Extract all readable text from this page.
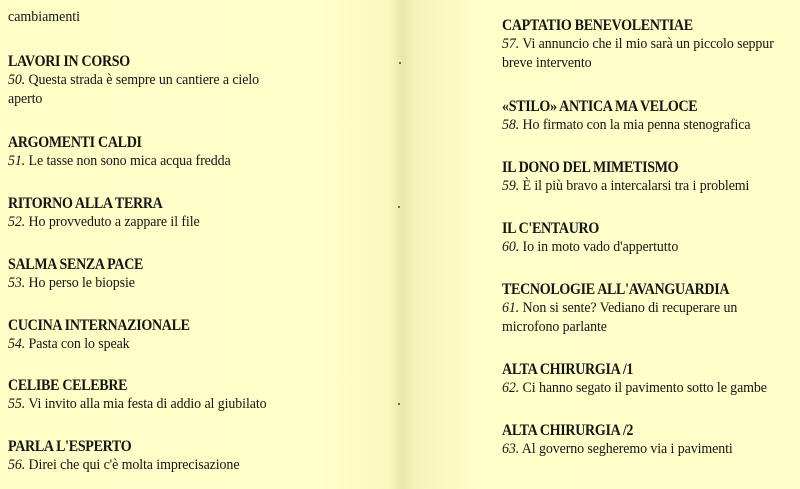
cambiamenti
LAVORI IN CORSO
50. Questa strada è sempre un cantiere a cielo
aperto
ARGOMENTI CALDI
51. Le tasse non sono mica acqua fredda
RITORNO ALLA TERRA
52. Ho provveduto a zappare il file
SALMA SENZA PACE
53. Ho perso le biopsie
CUCINA INTERNAZIONALE
54. Pasta con lo speak
CELIBE CELEBRE
55. Vi invito alla mia festa di addio al giubilato
PARLA L'ESPERTO
56. Direi che qui c'è molta imprecisazione
CAPTATIO BENEVOLENTIAE
57. Vi annuncio che il mio sarà un piccolo seppur
breve intervento
«STILO» ANTICA MA VELOCE
58. Ho firmato con la mia penna stenografica
IL DONO DEL MIMETISMO
59. È il più bravo a intercalarsi tra i problemi
IL C'ENTAURO
60. Io in moto vado d'appertutto
TECNOLOGIE ALL'AVANGUARDIA
61. Non si sente? Vediano di recuperare un
microfono parlante
ALTA CHIRURGIA /1
62. Ci hanno segato il pavimento sotto le gambe
ALTA CHIRURGIA /2
63. Al governo segheremo via i pavimenti
